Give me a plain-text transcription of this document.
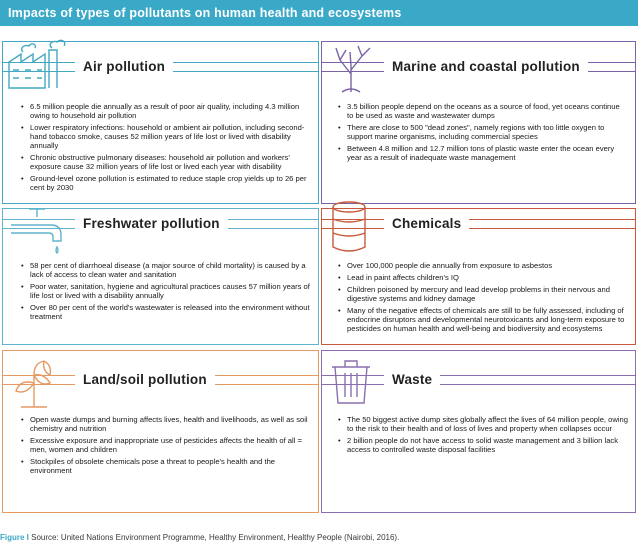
Impacts of types of pollutants on human health and ecosystems
Air pollution
• 6.5 million people die annually as a result of poor air quality, including 4.3 million owing to household air pollution
• Lower respiratory infections: household or ambient air pollution, including second-hand tobacco smoke, causes 52 million years of life lost or lived with disability annually
• Chronic obstructive pulmonary diseases: household air pollution and workers' exposure cause 32 million years of life lost or lived each year with disability
• Ground-level ozone pollution is estimated to reduce staple crop yields up to 26 per cent by 2030
Marine and coastal pollution
• 3.5 billion people depend on the oceans as a source of food, yet oceans continue to be used as waste and wastewater dumps
• There are close to 500 "dead zones", namely regions with too little oxygen to support marine organisms, including commercial species
• Between 4.8 million and 12.7 million tons of plastic waste enter the ocean every year as a result of inadequate waste management
Freshwater pollution
• 58 per cent of diarrhoeal disease (a major source of child mortality) is caused by a lack of access to clean water and sanitation
• Poor water, sanitation, hygiene and agricultural practices causes 57 million years of life lost or lived with a disability annually
• Over 80 per cent of the world's wastewater is released into the environment without treatment
Chemicals
• Over 100,000 people die annually from exposure to asbestos
• Lead in paint affects children's IQ
• Children poisoned by mercury and lead develop problems in their nervous and digestive systems and kidney damage
• Many of the negative effects of chemicals are still to be fully assessed, including of endocrine disruptors and developmental neurotoxicants and long-term exposure to pesticides on human health and well-being and biodiversity and ecosystems
Land/soil pollution
• Open waste dumps and burning affects lives, health and livelihoods, as well as soil chemistry and nutrition
• Excessive exposure and inappropriate use of pesticides affects the health of all = men, women and children
• Stockpiles of obsolete chemicals pose a threat to people's health and the environment
Waste
• The 50 biggest active dump sites globally affect the lives of 64 million people, owing to the risk to their health and of loss of lives and property when collapses occur
• 2 billion people do not have access to solid waste management and 3 billion lack access to controlled waste disposal facilities
Figure I Source: United Nations Environment Programme, Healthy Environment, Healthy People (Nairobi, 2016).
